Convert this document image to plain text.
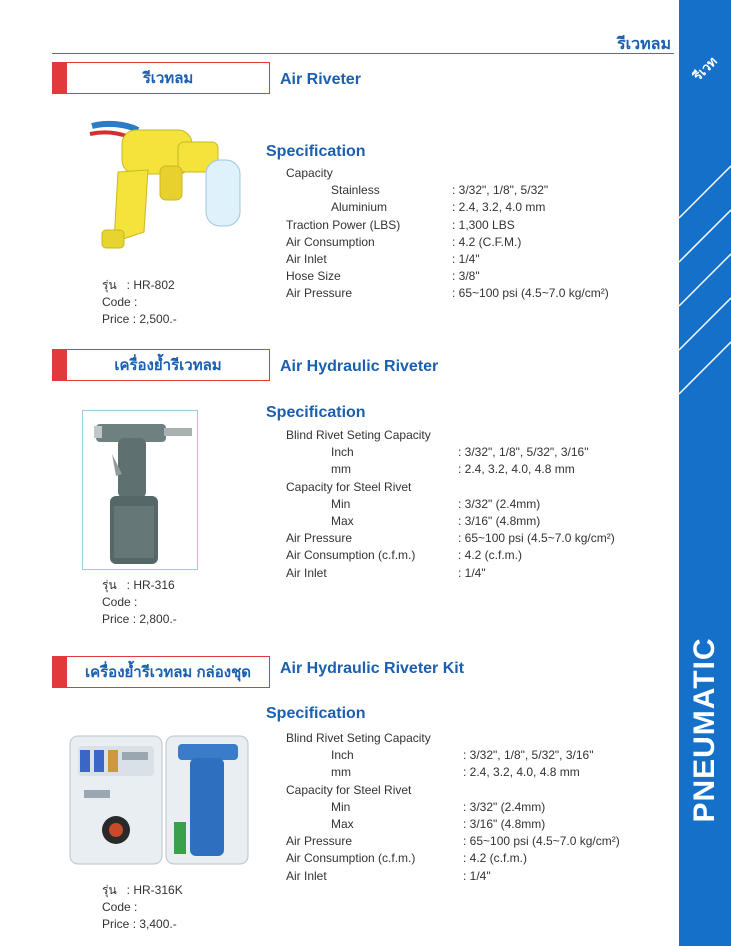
รีเวท
PNEUMATIC
รีเวทลม
รีเวทลม	Air Riveter
รุ่น : HR-802
Code :
Price : 2,500.-
Specification
เครื่องย้ำรีเวทลม	Air Hydraulic Riveter
รุ่น : HR-316
Code :
Price : 2,800.-
Specification
เครื่องย้ำรีเวทลม กล่องชุด	Air Hydraulic Riveter Kit
รุ่น : HR-316K
Code :
Price : 3,400.-
Specification
Capacity
Stainless	: 3/32", 1/8", 5/32"
Aluminium	: 2.4, 3.2, 4.0 mm
Traction Power (LBS)	: 1,300 LBS
Air Consumption	: 4.2 (C.F.M.)
Air Inlet	: 1/4"
Hose Size	: 3/8"
Air Pressure	: 65~100 psi (4.5~7.0 kg/cm²)
Blind Rivet Seting Capacity
Inch	: 3/32", 1/8", 5/32", 3/16"
mm	: 2.4, 3.2, 4.0, 4.8 mm
Capacity for Steel Rivet
Min	: 3/32" (2.4mm)
Max	: 3/16" (4.8mm)
Air Pressure	: 65~100 psi (4.5~7.0 kg/cm²)
Air Consumption (c.f.m.)	: 4.2 (c.f.m.)
Air Inlet	: 1/4"
Blind Rivet Seting Capacity
Inch	: 3/32", 1/8", 5/32", 3/16"
mm	: 2.4, 3.2, 4.0, 4.8 mm
Capacity for Steel Rivet
Min	: 3/32" (2.4mm)
Max	: 3/16" (4.8mm)
Air Pressure	: 65~100 psi (4.5~7.0 kg/cm²)
Air Consumption (c.f.m.)	: 4.2 (c.f.m.)
Air Inlet	: 1/4"
